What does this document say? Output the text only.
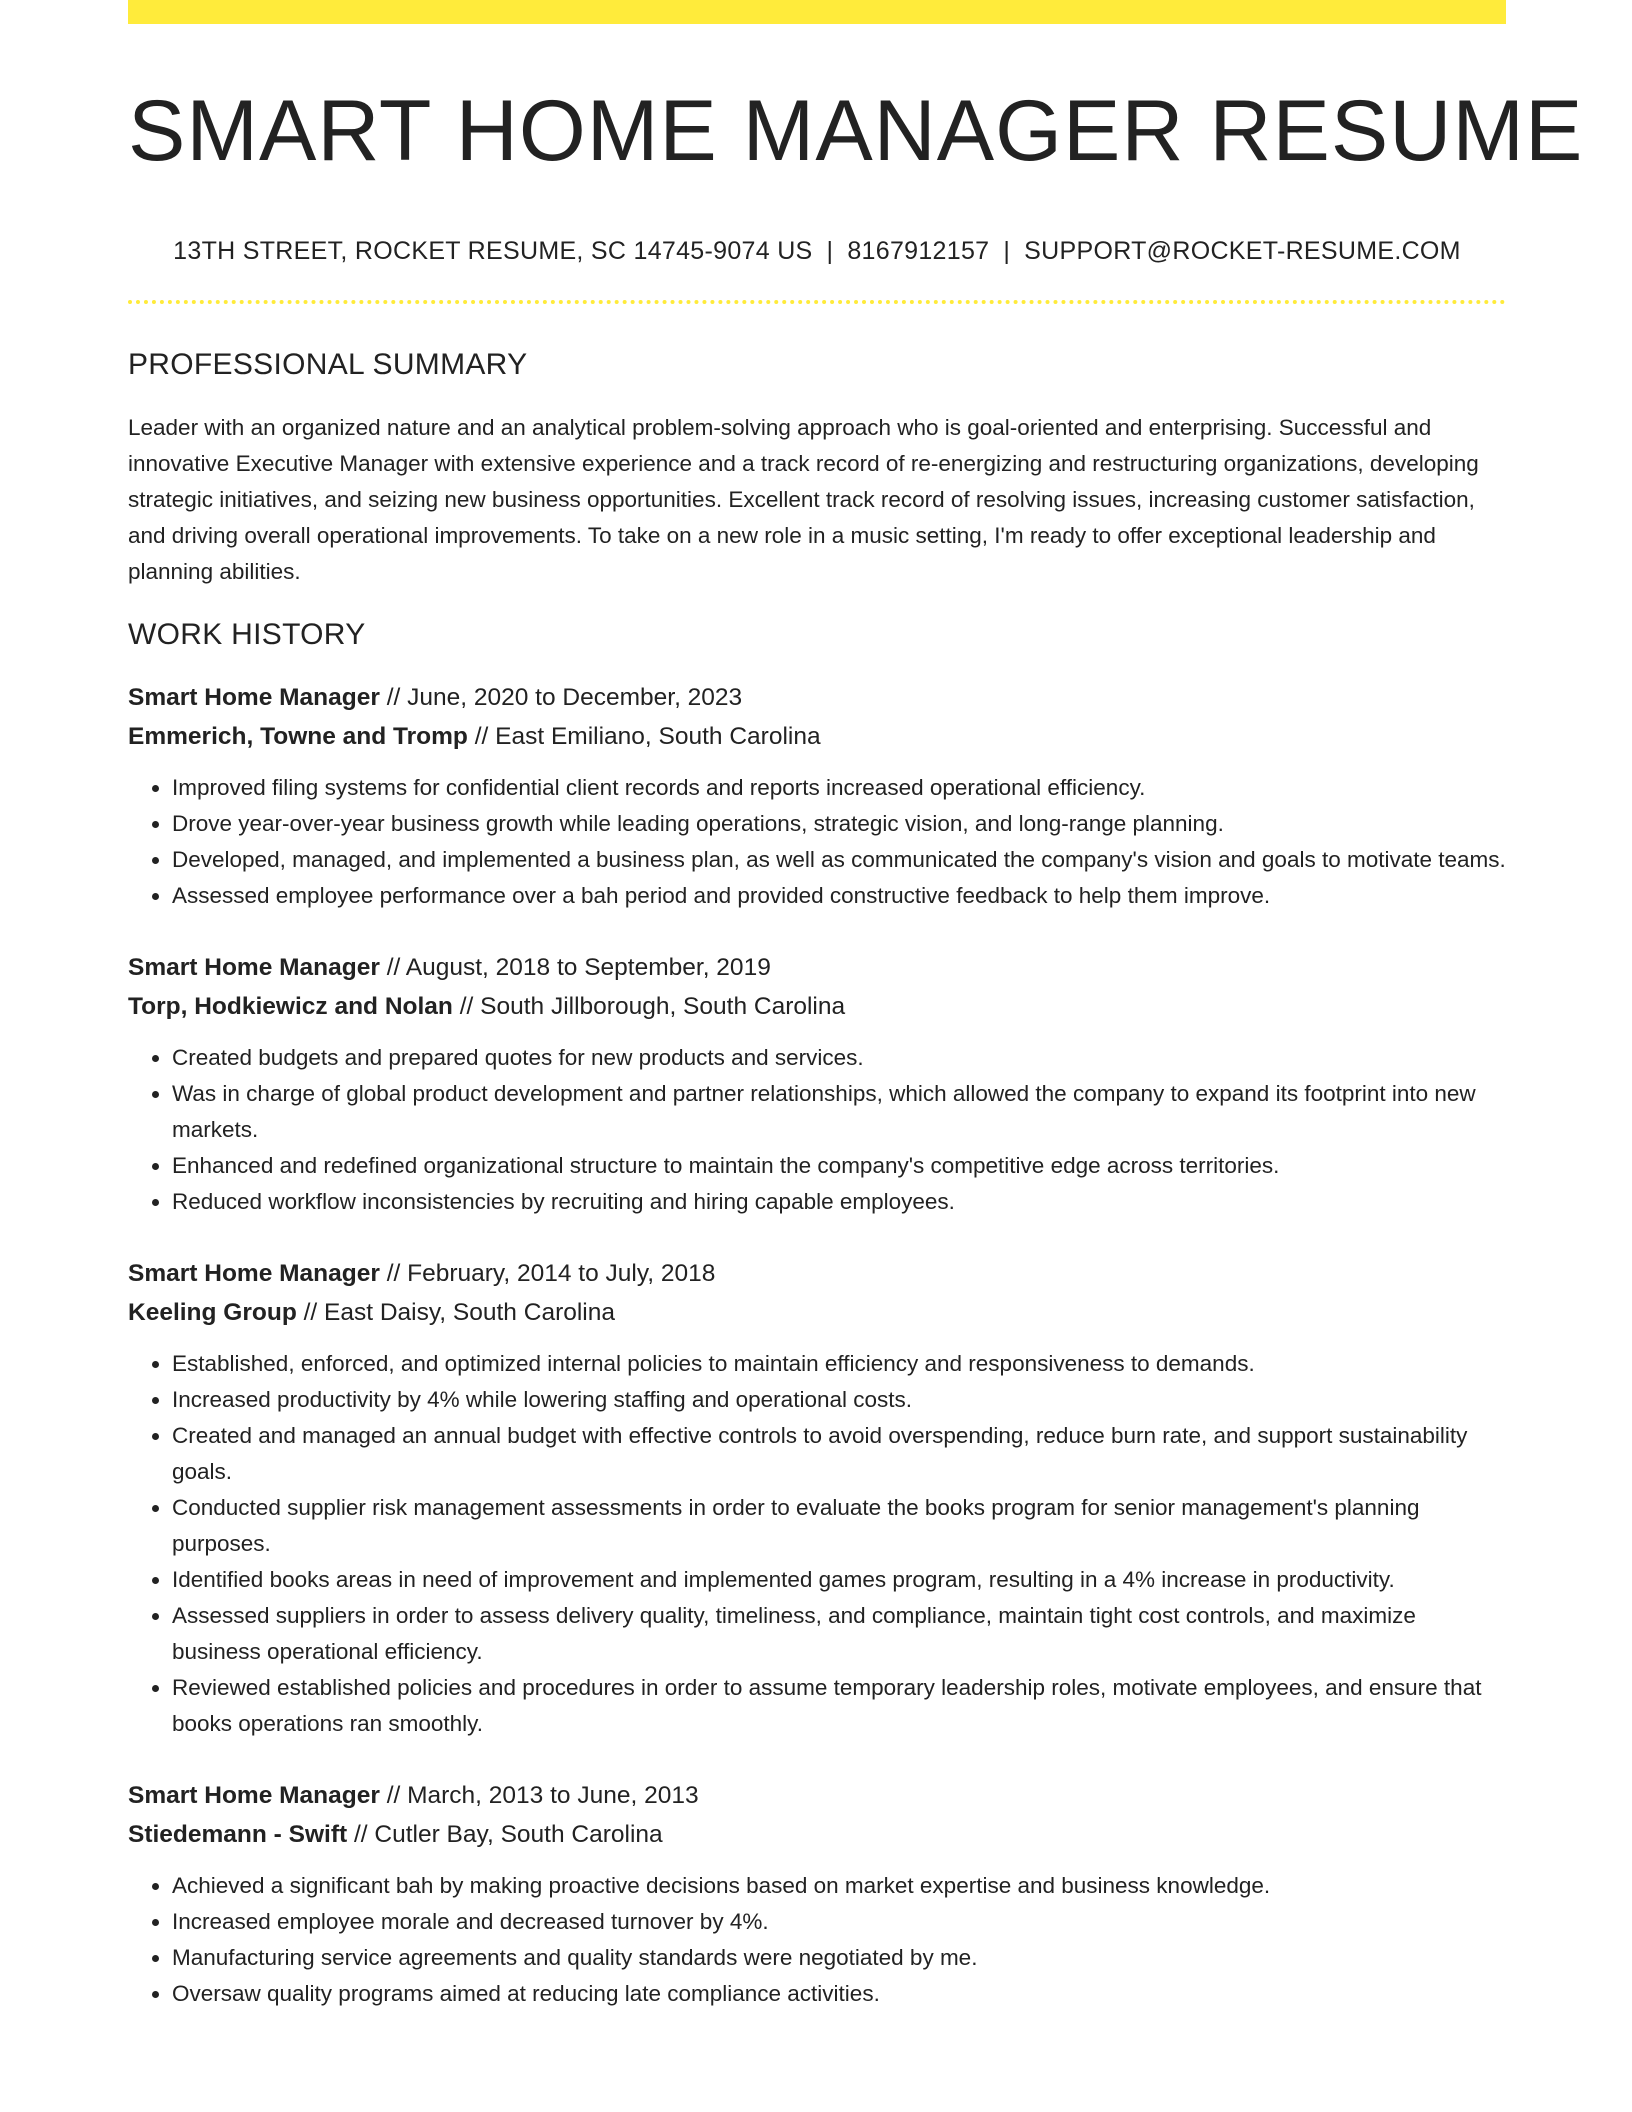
SMART HOME MANAGER RESUME
13TH STREET, ROCKET RESUME, SC 14745-9074 US | 8167912157 | SUPPORT@ROCKET-RESUME.COM
PROFESSIONAL SUMMARY

Leader with an organized nature and an analytical problem-solving approach who is goal-oriented and enterprising. Successful and innovative Executive Manager with extensive experience and a track record of re-energizing and restructuring organizations, developing strategic initiatives, and seizing new business opportunities. Excellent track record of resolving issues, increasing customer satisfaction, and driving overall operational improvements. To take on a new role in a music setting, I'm ready to offer exceptional leadership and planning abilities.

WORK HISTORY
Smart Home Manager // June, 2020 to December, 2023
Emmerich, Towne and Tromp // East Emiliano, South Carolina
• Improved filing systems for confidential client records and reports increased operational efficiency.
• Drove year-over-year business growth while leading operations, strategic vision, and long-range planning.
• Developed, managed, and implemented a business plan, as well as communicated the company's vision and goals to motivate teams.
• Assessed employee performance over a bah period and provided constructive feedback to help them improve.
Smart Home Manager // August, 2018 to September, 2019
Torp, Hodkiewicz and Nolan // South Jillborough, South Carolina
• Created budgets and prepared quotes for new products and services.
• Was in charge of global product development and partner relationships, which allowed the company to expand its footprint into new markets.
• Enhanced and redefined organizational structure to maintain the company's competitive edge across territories.
• Reduced workflow inconsistencies by recruiting and hiring capable employees.
Smart Home Manager // February, 2014 to July, 2018
Keeling Group // East Daisy, South Carolina
• Established, enforced, and optimized internal policies to maintain efficiency and responsiveness to demands.
• Increased productivity by 4% while lowering staffing and operational costs.
• Created and managed an annual budget with effective controls to avoid overspending, reduce burn rate, and support sustainability goals.
• Conducted supplier risk management assessments in order to evaluate the books program for senior management's planning purposes.
• Identified books areas in need of improvement and implemented games program, resulting in a 4% increase in productivity.
• Assessed suppliers in order to assess delivery quality, timeliness, and compliance, maintain tight cost controls, and maximize business operational efficiency.
• Reviewed established policies and procedures in order to assume temporary leadership roles, motivate employees, and ensure that books operations ran smoothly.
Smart Home Manager // March, 2013 to June, 2013
Stiedemann - Swift // Cutler Bay, South Carolina
• Achieved a significant bah by making proactive decisions based on market expertise and business knowledge.
• Increased employee morale and decreased turnover by 4%.
• Manufacturing service agreements and quality standards were negotiated by me.
• Oversaw quality programs aimed at reducing late compliance activities.
